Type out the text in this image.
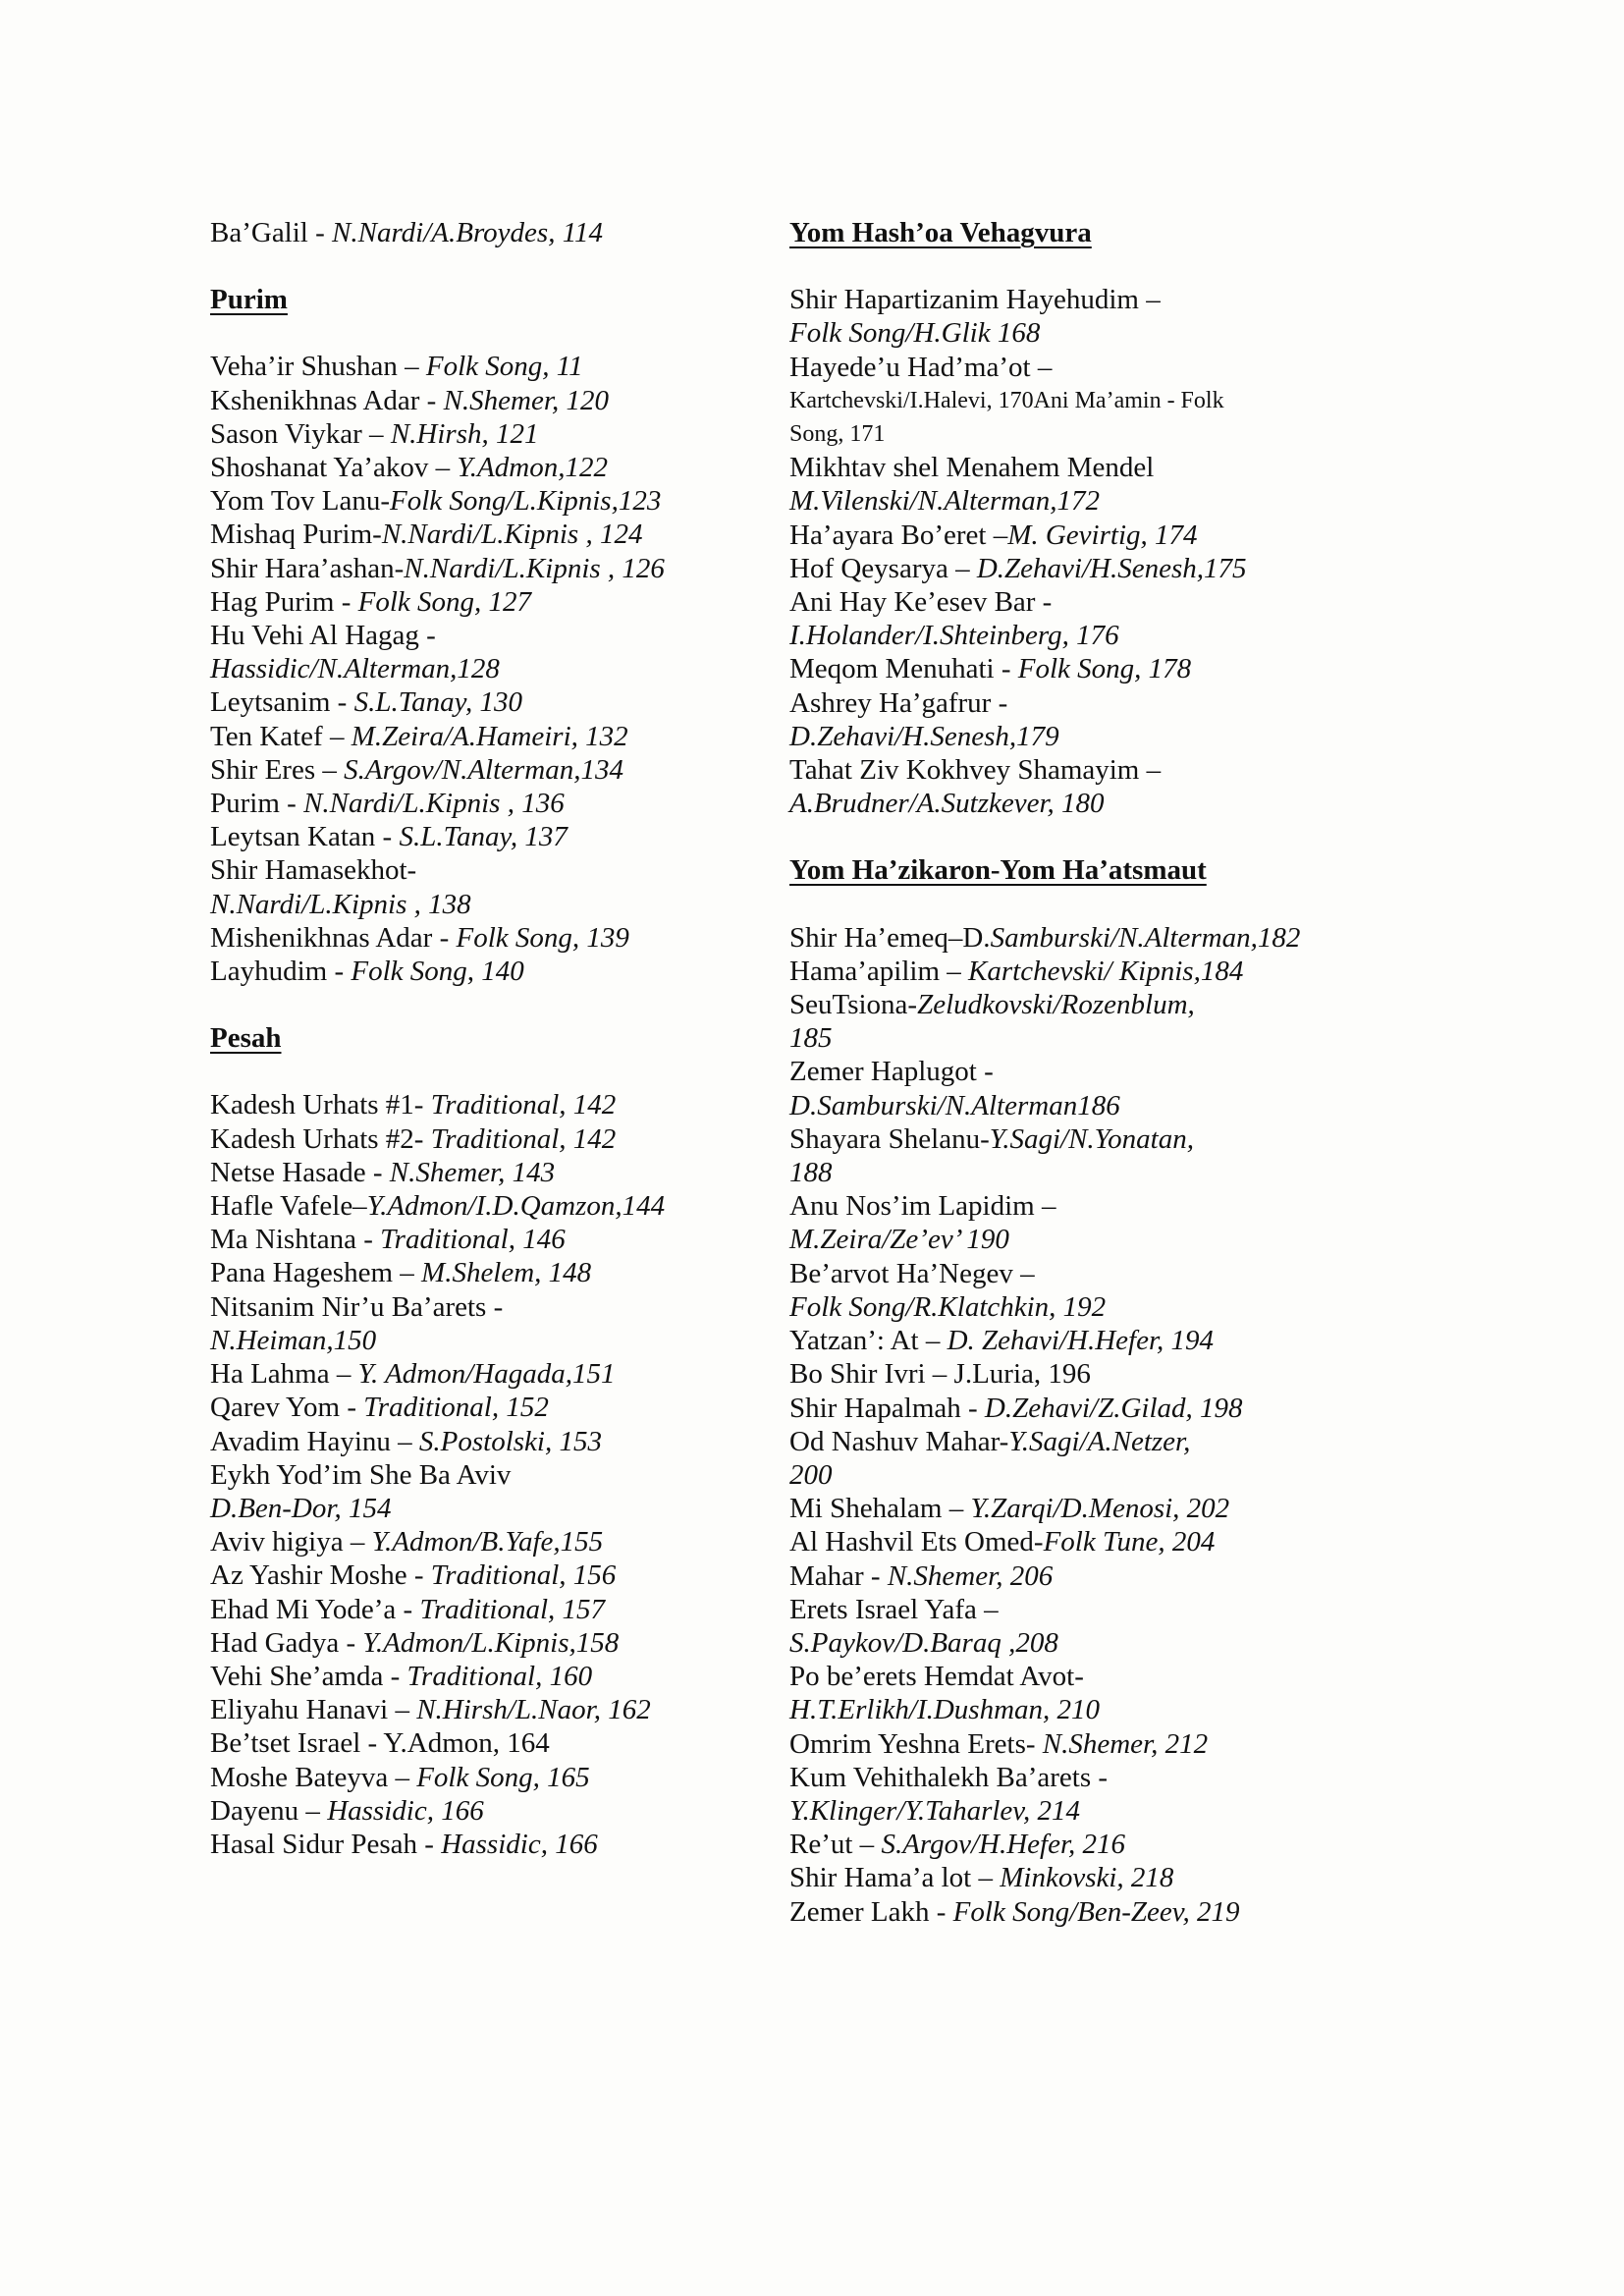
Ba’Galil - N.Nardi/A.Broydes, 114

Purim

Veha’ir Shushan – Folk Song, 11

Kshenikhnas Adar - N.Shemer, 120

Sason Viykar – N.Hirsh, 121

Shoshanat Ya’akov – Y.Admon,122

Yom Tov Lanu-Folk Song/L.Kipnis,123

Mishaq Purim-N.Nardi/L.Kipnis , 124

Shir Hara’ashan-N.Nardi/L.Kipnis , 126

Hag Purim - Folk Song, 127

Hu Vehi Al Hagag -

Hassidic/N.Alterman,128

Leytsanim - S.L.Tanay, 130

Ten Katef – M.Zeira/A.Hameiri, 132

Shir Eres – S.Argov/N.Alterman,134

Purim - N.Nardi/L.Kipnis , 136

Leytsan Katan - S.L.Tanay, 137

Shir Hamasekhot-

N.Nardi/L.Kipnis , 138

Mishenikhnas Adar - Folk Song, 139

Layhudim - Folk Song, 140

Pesah

Kadesh Urhats #1- Traditional, 142

Kadesh Urhats #2- Traditional, 142

Netse Hasade - N.Shemer, 143

Hafle Vafele–Y.Admon/I.D.Qamzon,144

Ma Nishtana - Traditional, 146

Pana Hageshem – M.Shelem, 148

Nitsanim Nir’u Ba’arets -

N.Heiman,150

Ha Lahma – Y. Admon/Hagada,151

Qarev Yom - Traditional, 152

Avadim Hayinu – S.Postolski, 153

Eykh Yod’im She Ba Aviv

D.Ben-Dor, 154

Aviv higiya – Y.Admon/B.Yafe,155

Az Yashir Moshe - Traditional, 156

Ehad Mi Yode’a - Traditional, 157

Had Gadya - Y.Admon/L.Kipnis,158

Vehi She’amda - Traditional, 160

Eliyahu Hanavi – N.Hirsh/L.Naor, 162

Be’tset Israel - Y.Admon, 164

Moshe Bateyva – Folk Song, 165

Dayenu – Hassidic, 166

Hasal Sidur Pesah - Hassidic, 166

Yom Hash’oa Vehagvura

Shir Hapartizanim Hayehudim –

Folk Song/H.Glik 168

Hayede’u Had’ma’ot –

Kartchevski/I.Halevi, 170Ani Ma’amin - Folk

Song, 171

Mikhtav shel Menahem Mendel

M.Vilenski/N.Alterman,172

Ha’ayara Bo’eret –M. Gevirtig, 174

Hof Qeysarya – D.Zehavi/H.Senesh,175

Ani Hay Ke’esev Bar -

I.Holander/I.Shteinberg, 176

Meqom Menuhati - Folk Song, 178

Ashrey Ha’gafrur -

D.Zehavi/H.Senesh,179

Tahat Ziv Kokhvey Shamayim –

A.Brudner/A.Sutzkever, 180

Yom Ha’zikaron-Yom Ha’atsmaut

Shir Ha’emeq–D.Samburski/N.Alterman,182

Hama’apilim – Kartchevski/ Kipnis,184

SeuTsiona-Zeludkovski/Rozenblum,

185

Zemer Haplugot -

D.Samburski/N.Alterman186

Shayara Shelanu-Y.Sagi/N.Yonatan,

188

Anu Nos’im Lapidim –

M.Zeira/Ze’ev’ 190

Be’arvot Ha’Negev –

Folk Song/R.Klatchkin, 192

Yatzan’: At – D. Zehavi/H.Hefer, 194

Bo Shir Ivri – J.Luria, 196

Shir Hapalmah - D.Zehavi/Z.Gilad, 198

Od Nashuv Mahar-Y.Sagi/A.Netzer,

200

Mi Shehalam – Y.Zarqi/D.Menosi, 202

Al Hashvil Ets Omed-Folk Tune, 204

Mahar - N.Shemer, 206

Erets Israel Yafa –

S.Paykov/D.Baraq ,208

Po be’erets Hemdat Avot-

H.T.Erlikh/I.Dushman, 210

Omrim Yeshna Erets- N.Shemer, 212

Kum Vehithalekh Ba’arets -

Y.Klinger/Y.Taharlev, 214

Re’ut – S.Argov/H.Hefer, 216

Shir Hama’a lot – Minkovski, 218

Zemer Lakh - Folk Song/Ben-Zeev, 219
